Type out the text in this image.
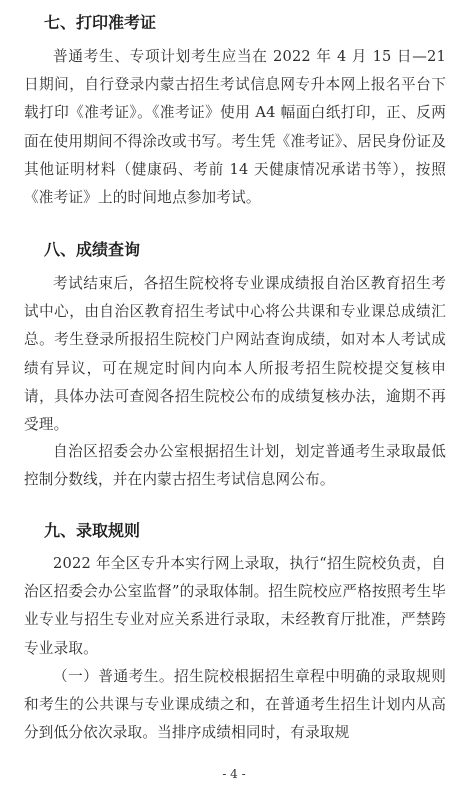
七、打印准考证
普通考生、专项计划考生应当在 2022 年 4 月 15 日—21 日期间，自行登录内蒙古招生考试信息网专升本网上报名平台下载打印《准考证》。《准考证》使用 A4 幅面白纸打印，正、反两面在使用期间不得涂改或书写。考生凭《准考证》、居民身份证及其他证明材料（健康码、考前 14 天健康情况承诺书等），按照《准考证》上的时间地点参加考试。
八、成绩查询
考试结束后，各招生院校将专业课成绩报自治区教育招生考试中心，由自治区教育招生考试中心将公共课和专业课总成绩汇总。考生登录所报招生院校门户网站查询成绩，如对本人考试成绩有异议，可在规定时间内向本人所报考招生院校提交复核申请，具体办法可查阅各招生院校公布的成绩复核办法，逾期不再受理。
自治区招委会办公室根据招生计划，划定普通考生录取最低控制分数线，并在内蒙古招生考试信息网公布。
九、录取规则
2022 年全区专升本实行网上录取，执行“招生院校负责，自治区招委会办公室监督”的录取体制。招生院校应严格按照考生毕业专业与招生专业对应关系进行录取，未经教育厅批准，严禁跨专业录取。
（一）普通考生。招生院校根据招生章程中明确的录取规则和考生的公共课与专业课成绩之和，在普通考生招生计划内从高分到低分依次录取。当排序成绩相同时，有录取规
- 4 -
